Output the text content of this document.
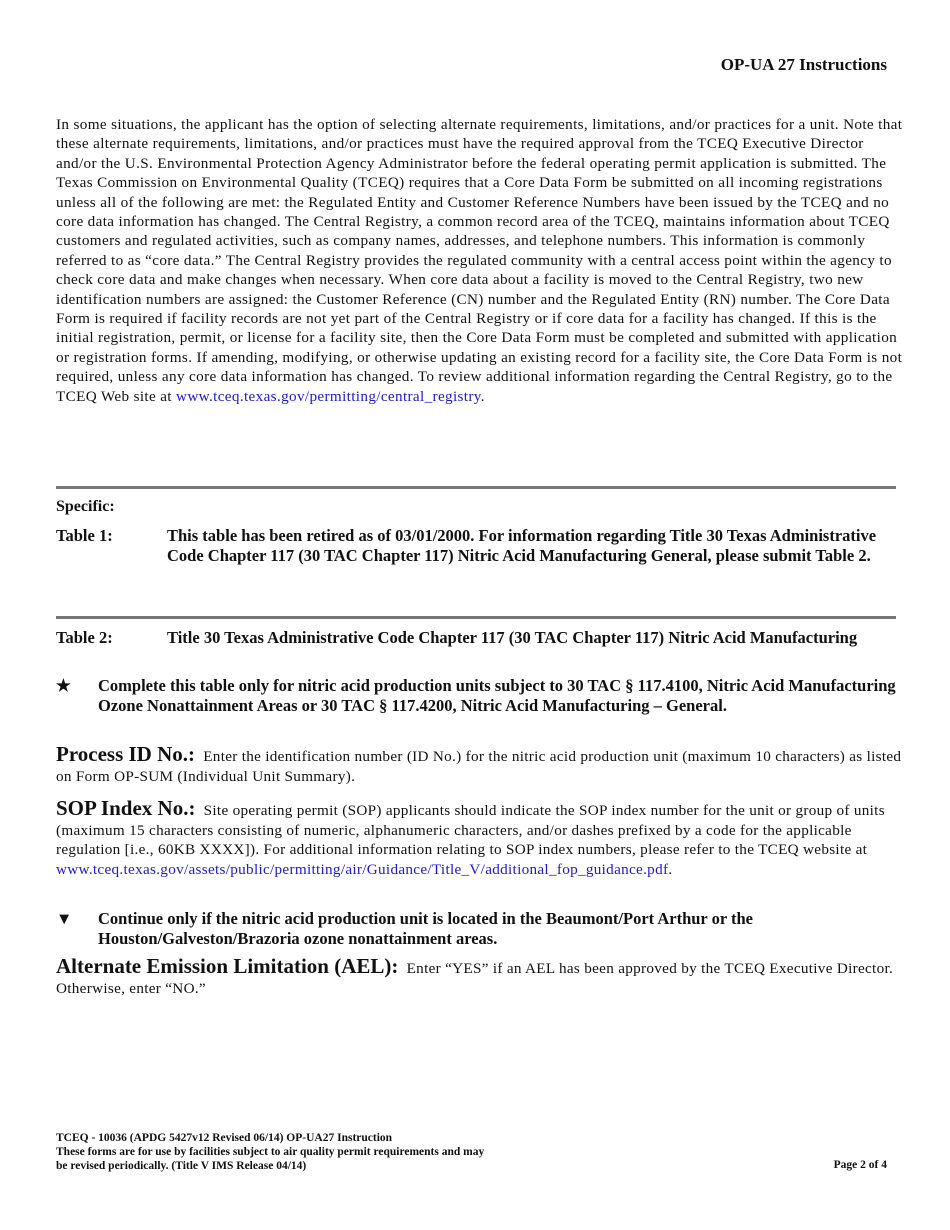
OP-UA 27 Instructions
In some situations, the applicant has the option of selecting alternate requirements, limitations, and/or practices for a unit. Note that these alternate requirements, limitations, and/or practices must have the required approval from the TCEQ Executive Director and/or the U.S. Environmental Protection Agency Administrator before the federal operating permit application is submitted. The Texas Commission on Environmental Quality (TCEQ) requires that a Core Data Form be submitted on all incoming registrations unless all of the following are met: the Regulated Entity and Customer Reference Numbers have been issued by the TCEQ and no core data information has changed. The Central Registry, a common record area of the TCEQ, maintains information about TCEQ customers and regulated activities, such as company names, addresses, and telephone numbers. This information is commonly referred to as “core data.” The Central Registry provides the regulated community with a central access point within the agency to check core data and make changes when necessary. When core data about a facility is moved to the Central Registry, two new identification numbers are assigned: the Customer Reference (CN) number and the Regulated Entity (RN) number. The Core Data Form is required if facility records are not yet part of the Central Registry or if core data for a facility has changed. If this is the initial registration, permit, or license for a facility site, then the Core Data Form must be completed and submitted with application or registration forms. If amending, modifying, or otherwise updating an existing record for a facility site, the Core Data Form is not required, unless any core data information has changed. To review additional information regarding the Central Registry, go to the TCEQ Web site at www.tceq.texas.gov/permitting/central_registry.
Specific:
Table 1:	This table has been retired as of 03/01/2000. For information regarding Title 30 Texas Administrative Code Chapter 117 (30 TAC Chapter 117) Nitric Acid Manufacturing General, please submit Table 2.
Table 2:	Title 30 Texas Administrative Code Chapter 117 (30 TAC Chapter 117) Nitric Acid Manufacturing
★ Complete this table only for nitric acid production units subject to 30 TAC § 117.4100, Nitric Acid Manufacturing Ozone Nonattainment Areas or 30 TAC § 117.4200, Nitric Acid Manufacturing – General.
Process ID No.: Enter the identification number (ID No.) for the nitric acid production unit (maximum 10 characters) as listed on Form OP-SUM (Individual Unit Summary).
SOP Index No.: Site operating permit (SOP) applicants should indicate the SOP index number for the unit or group of units (maximum 15 characters consisting of numeric, alphanumeric characters, and/or dashes prefixed by a code for the applicable regulation [i.e., 60KB XXXX]). For additional information relating to SOP index numbers, please refer to the TCEQ website at www.tceq.texas.gov/assets/public/permitting/air/Guidance/Title_V/additional_fop_guidance.pdf.
▼ Continue only if the nitric acid production unit is located in the Beaumont/Port Arthur or the Houston/Galveston/Brazoria ozone nonattainment areas.
Alternate Emission Limitation (AEL): Enter “YES” if an AEL has been approved by the TCEQ Executive Director. Otherwise, enter “NO.”
TCEQ - 10036 (APDG 5427v12 Revised 06/14) OP-UA27 Instruction
These forms are for use by facilities subject to air quality permit requirements and may
be revised periodically. (Title V IMS Release 04/14)	Page 2 of 4
